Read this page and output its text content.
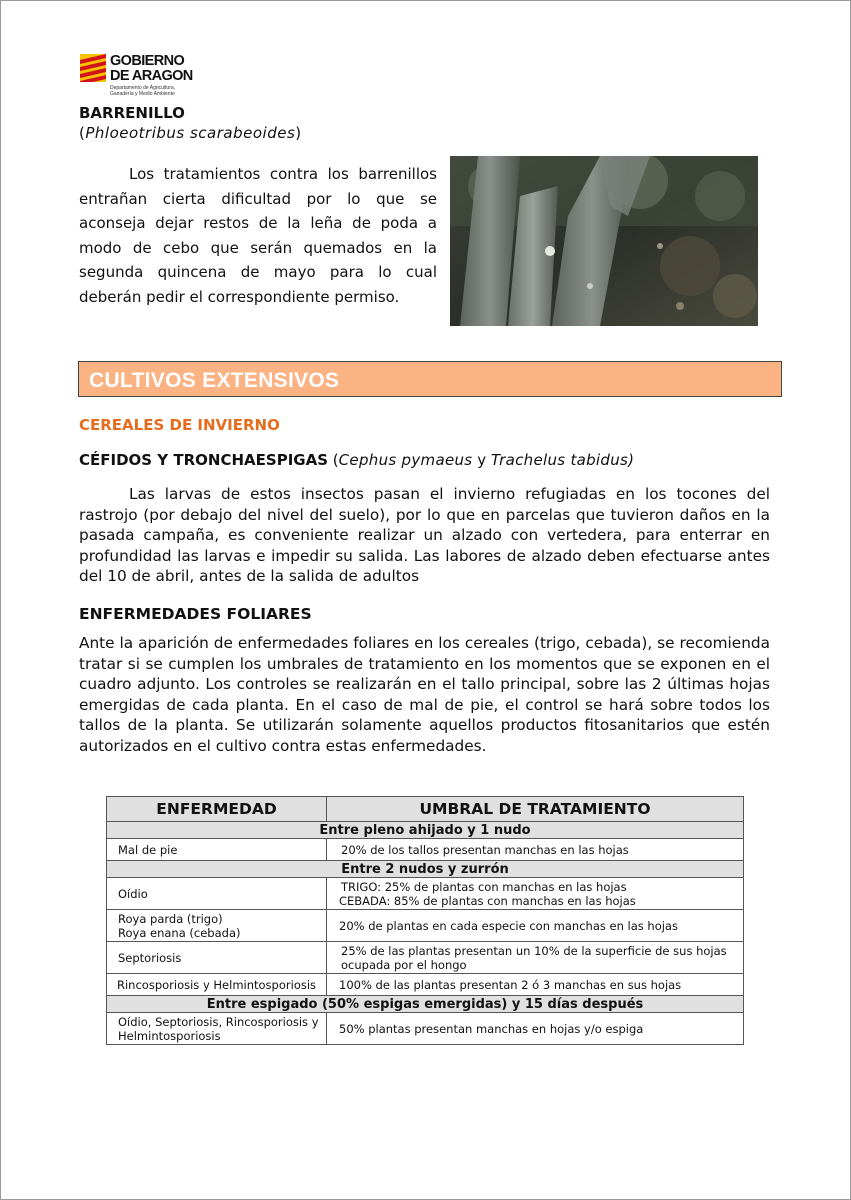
GOBIERNO
DE ARAGON
Departamento de Agricultura,
Ganadería y Medio Ambiente
BARRENILLO
(Phloeotribus scarabeoides)

Los tratamientos contra los barrenillos entrañan cierta dificultad por lo que se aconseja dejar restos de la leña de poda a modo de cebo que serán quemados en la segunda quincena de mayo para lo cual deberán pedir el correspondiente permiso.

CULTIVOS EXTENSIVOS
CEREALES DE INVIERNO
CÉFIDOS Y TRONCHAESPIGAS (Cephus pymaeus y Trachelus tabidus)

Las larvas de estos insectos pasan el invierno refugiadas en los tocones del rastrojo (por debajo del nivel del suelo), por lo que en parcelas que tuvieron daños en la pasada campaña, es conveniente realizar un alzado con vertedera, para enterrar en profundidad las larvas e impedir su salida. Las labores de alzado deben efectuarse antes del 10 de abril, antes de la salida de adultos

ENFERMEDADES FOLIARES

Ante la aparición de enfermedades foliares en los cereales (trigo, cebada), se recomienda tratar si se cumplen los umbrales de tratamiento en los momentos que se exponen en el cuadro adjunto. Los controles se realizarán en el tallo principal, sobre las 2 últimas hojas emergidas de cada planta. En el caso de mal de pie, el control se hará sobre todos los tallos de la planta. Se utilizarán solamente aquellos productos fitosanitarios que estén autorizados en el cultivo contra estas enfermedades.

ENFERMEDAD	UMBRAL DE TRATAMIENTO
Entre pleno ahijado y 1 nudo	
Mal de pie	20% de los tallos presentan manchas en las hojas
Entre 2 nudos y zurrón	
Oídio	TRIGO: 25% de plantas con manchas en las hojas
CEBADA: 85% de plantas con manchas en las hojas

Roya parda (trigo)
Roya enana (cebada)	20% de plantas en cada especie con manchas en las hojas
Septoriosis	25% de las plantas presentan un 10% de la superficie de sus hojas
ocupada por el hongo

Rincosporiosis y Helmintosporiosis	100% de las plantas presentan 2 ó 3 manchas en sus hojas
Entre espigado (50% espigas emergidas) y 15 días después	

Oídio, Septoriosis, Rincosporiosis y
Helmintosporiosis	50% plantas presentan manchas en hojas y/o espiga
